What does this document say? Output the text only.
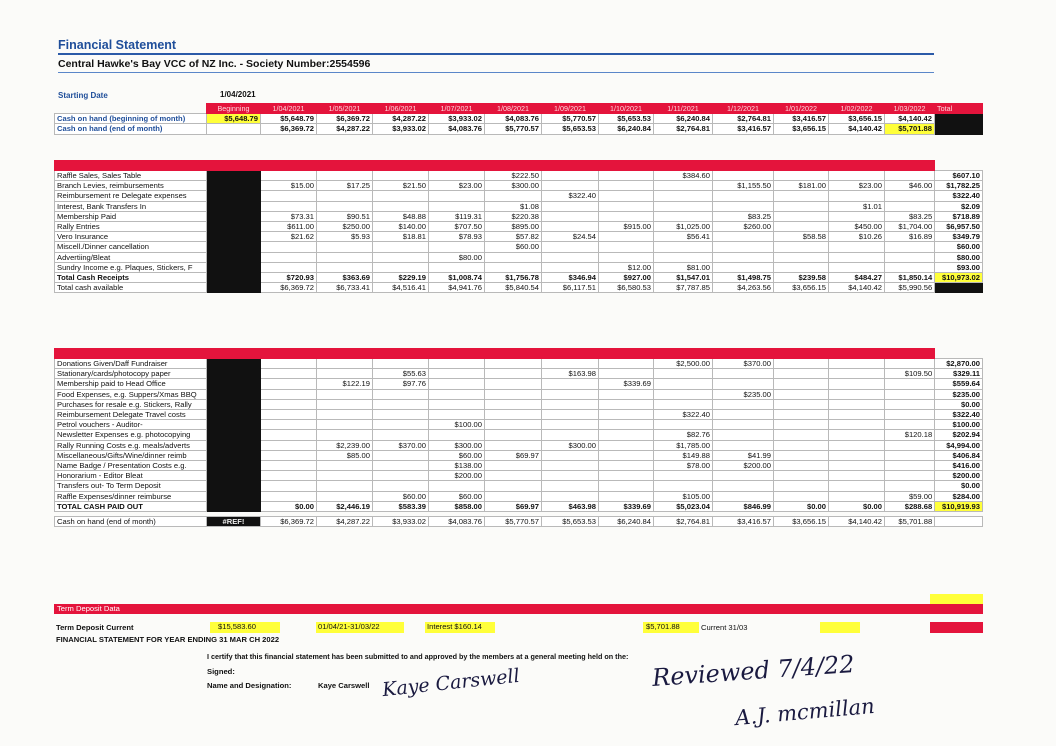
Financial Statement
Central Hawke's Bay VCC of NZ Inc. - Society Number:2554596
Starting Date	1/04/2021
	Beginning	1/04/2021	1/05/2021	1/06/2021	1/07/2021	1/08/2021	1/09/2021	1/10/2021	1/11/2021	1/12/2021	1/01/2022	1/02/2022	1/03/2022	Total
Cash on hand (beginning of month)	$5,648.79	$5,648.79	$6,369.72	$4,287.22	$3,933.02	$4,083.76	$5,770.57	$5,653.53	$6,240.84	$2,764.81	$3,416.57	$3,656.15	$4,140.42	
Cash on hand (end of month)		$6,369.72	$4,287.22	$3,933.02	$4,083.76	$5,770.57	$5,653.53	$6,240.84	$2,764.81	$3,416.57	$3,656.15	$4,140.42	$5,701.88	

Raffle Sales, Sales Table						$222.50			$384.60					$607.10
Branch Levies, reimbursements		$15.00	$17.25	$21.50	$23.00	$300.00				$1,155.50	$181.00	$23.00	$46.00	$1,782.25
Reimbursement re Delegate expenses							$322.40							$322.40
Interest, Bank Transfers In						$1.08						$1.01		$2.09
Membership Paid		$73.31	$90.51	$48.88	$119.31	$220.38				$83.25			$83.25	$718.89
Rally Entries		$611.00	$250.00	$140.00	$707.50	$895.00		$915.00	$1,025.00	$260.00		$450.00	$1,704.00	$6,957.50
Vero Insurance		$21.62	$5.93	$18.81	$78.93	$57.82	$24.54		$56.41		$58.58	$10.26	$16.89	$349.79
Miscell./Dinner cancellation						$60.00								$60.00
Advertiing/Bleat					$80.00									$80.00
Sundry Income e.g. Plaques, Stickers, F								$12.00	$81.00					$93.00
Total Cash Receipts		$720.93	$363.69	$229.19	$1,008.74	$1,756.78	$346.94	$927.00	$1,547.01	$1,498.75	$239.58	$484.27	$1,850.14	$10,973.02
Total cash available		$6,369.72	$6,733.41	$4,516.41	$4,941.76	$5,840.54	$6,117.51	$6,580.53	$7,787.85	$4,263.56	$3,656.15	$4,140.42	$5,990.56	

Donations Given/Daff Fundraiser									$2,500.00	$370.00				$2,870.00
Stationary/cards/photocopy paper				$55.63			$163.98						$109.50	$329.11
Membership paid to Head Office			$122.19	$97.76				$339.69						$559.64
Food Expenses, e.g. Suppers/Xmas BBQ										$235.00				$235.00
Purchases for resale e.g. Stickers, Rally														$0.00
Reimbursement Delegate Travel costs									$322.40					$322.40
Petrol vouchers - Auditor-					$100.00									$100.00
Newsletter Expenses e.g. photocopying									$82.76				$120.18	$202.94
Rally Running Costs e.g. meals/adverts			$2,239.00	$370.00	$300.00		$300.00		$1,785.00					$4,994.00
Miscellaneous/Gifts/Wine/dinner reimb			$85.00		$60.00	$69.97			$149.88	$41.99				$406.84
Name Badge / Presentation Costs e.g.					$138.00				$78.00	$200.00				$416.00
Honorarium - Editor Bleat					$200.00									$200.00
Transfers out- To Term Deposit														$0.00
Raffle Expenses/dinner reimburse				$60.00	$60.00				$105.00				$59.00	$284.00
TOTAL CASH PAID OUT		$0.00	$2,446.19	$583.39	$858.00	$69.97	$463.98	$339.69	$5,023.04	$846.99	$0.00	$0.00	$288.68	$10,919.93

Cash on hand (end of month)	#REF!	$6,369.72	$4,287.22	$3,933.02	$4,083.76	$5,770.57	$5,653.53	$6,240.84	$2,764.81	$3,416.57	$3,656.15	$4,140.42	$5,701.88	
Term Deposit Data
Term Deposit Current	$15,583.60	01/04/21-31/03/22	Interest $160.14	$5,701.88	Current 31/03
FINANCIAL STATEMENT FOR YEAR ENDING 31 MAR CH 2022
I certify that this financial statement has been submitted to and approved by the members at a general meeting held on the:
Signed:
Name and Designation:	Kaye Carswell Kaye Carswell	Reviewed 7/4/22
A.J. mcmillan
